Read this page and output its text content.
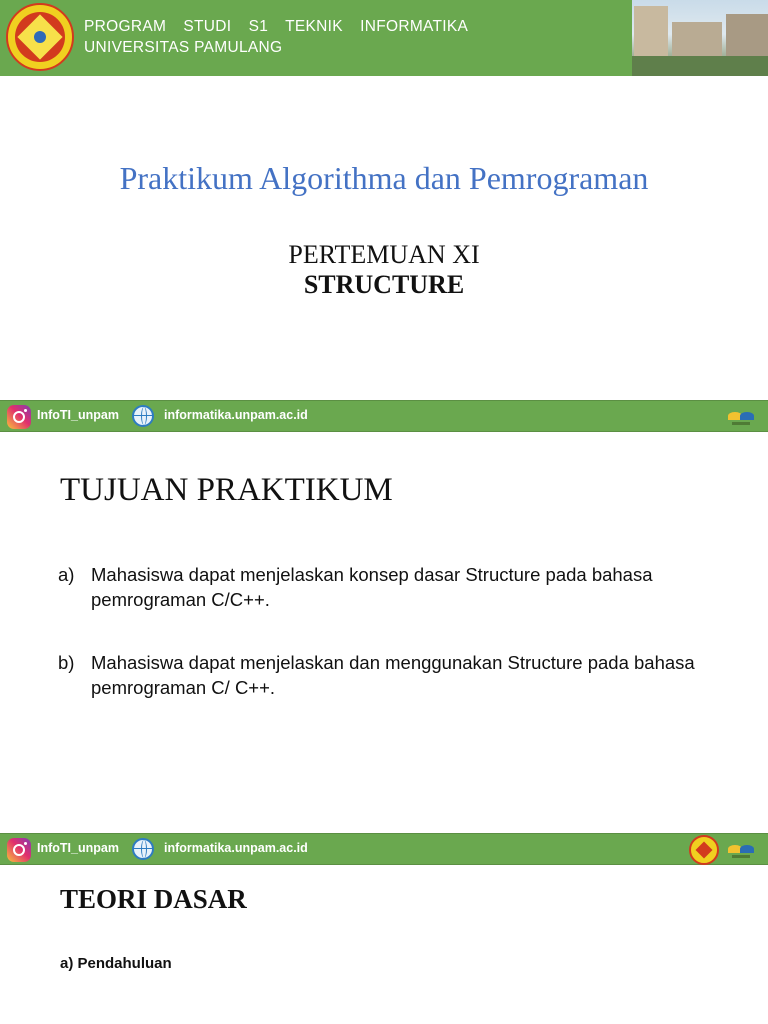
PROGRAM  STUDI  S1  TEKNIK  INFORMATIKA
UNIVERSITAS PAMULANG
Praktikum Algorithma dan Pemrograman
PERTEMUAN XI
STRUCTURE
InfoTI_unpam	informatika.unpam.ac.id
TUJUAN PRAKTIKUM
a) Mahasiswa dapat menjelaskan konsep dasar Structure pada bahasa pemrograman C/C++.
b) Mahasiswa dapat menjelaskan dan menggunakan Structure pada bahasa pemrograman C/ C++.
InfoTI_unpam	informatika.unpam.ac.id
TEORI DASAR
a) Pendahuluan
